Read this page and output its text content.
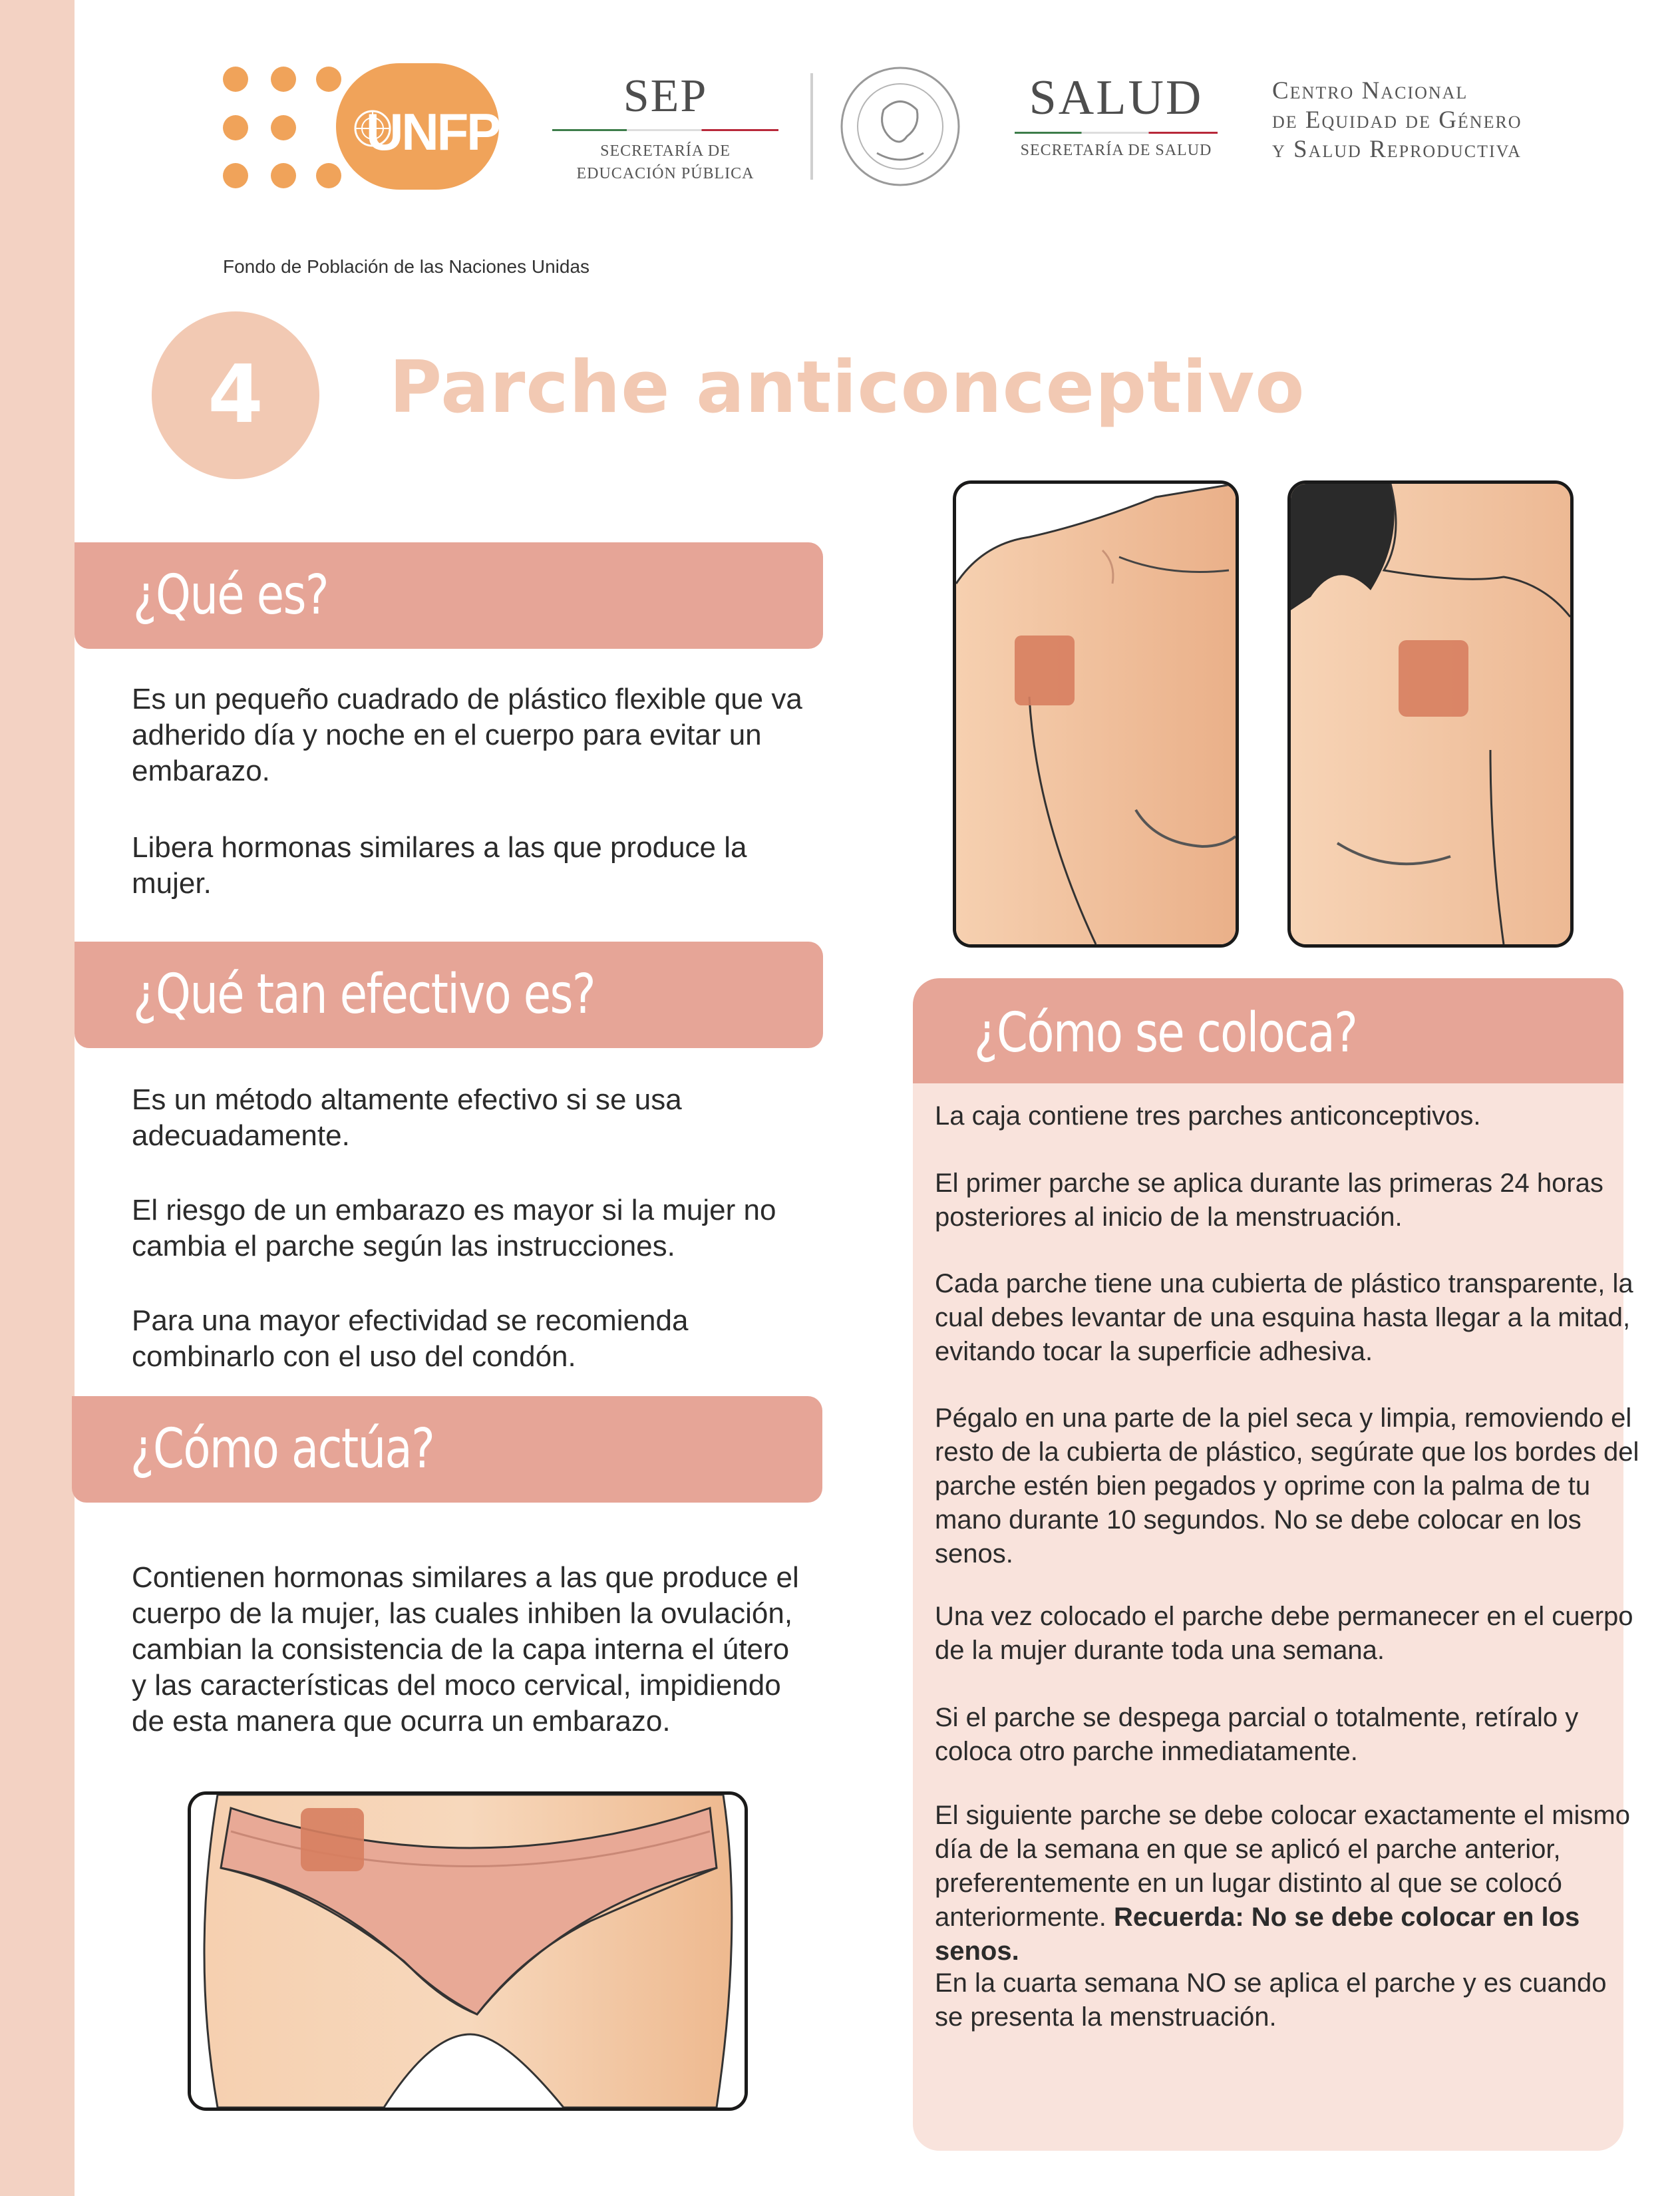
UNFPA
Fondo de Población de las Naciones Unidas
SEP
SECRETARÍA DE
EDUCACIÓN PÚBLICA
SALUD
SECRETARÍA DE SALUD
Centro Nacional
de Equidad de Género
y Salud Reproductiva
4	Parche anticonceptivo
¿Qué es?
Es un pequeño cuadrado de plástico flexible que va adherido día y noche en el cuerpo para evitar un embarazo.
Libera hormonas similares a las que produce la mujer.
¿Qué tan efectivo es?
Es un método altamente efectivo si se usa adecuadamente.
El riesgo de un embarazo es mayor si la mujer no cambia el parche según las instrucciones.
Para una mayor efectividad se recomienda combinarlo con el uso del condón.
¿Cómo actúa?
Contienen hormonas similares a las que produce el cuerpo de la mujer, las cuales inhiben la ovulación, cambian la consistencia de la capa interna el útero y las características del moco cervical, impidiendo de esta manera que ocurra un embarazo.
¿Cómo se coloca?
La caja contiene tres parches anticonceptivos.
El primer parche se aplica durante las primeras 24 horas posteriores al inicio de la menstruación.
Cada parche tiene una cubierta de plástico transparente, la cual debes levantar de una esquina hasta llegar a la mitad, evitando tocar la superficie adhesiva.
Pégalo en una parte de la piel seca y limpia, removiendo el resto de la cubierta de plástico, segúrate que los bordes del parche estén bien pegados y oprime con la palma de tu mano durante 10 segundos. No se debe colocar en los senos.
Una vez colocado el parche debe permanecer en el cuerpo de la mujer durante toda una semana.
Si el parche se despega parcial o totalmente, retíralo y coloca otro parche inmediatamente.
El siguiente parche se debe colocar exactamente el mismo día de la semana en que se aplicó el parche anterior, preferentemente en un lugar distinto al que se colocó anteriormente. Recuerda: No se debe colocar en los senos.
En la cuarta semana NO se aplica el parche y es cuando se presenta la menstruación.
